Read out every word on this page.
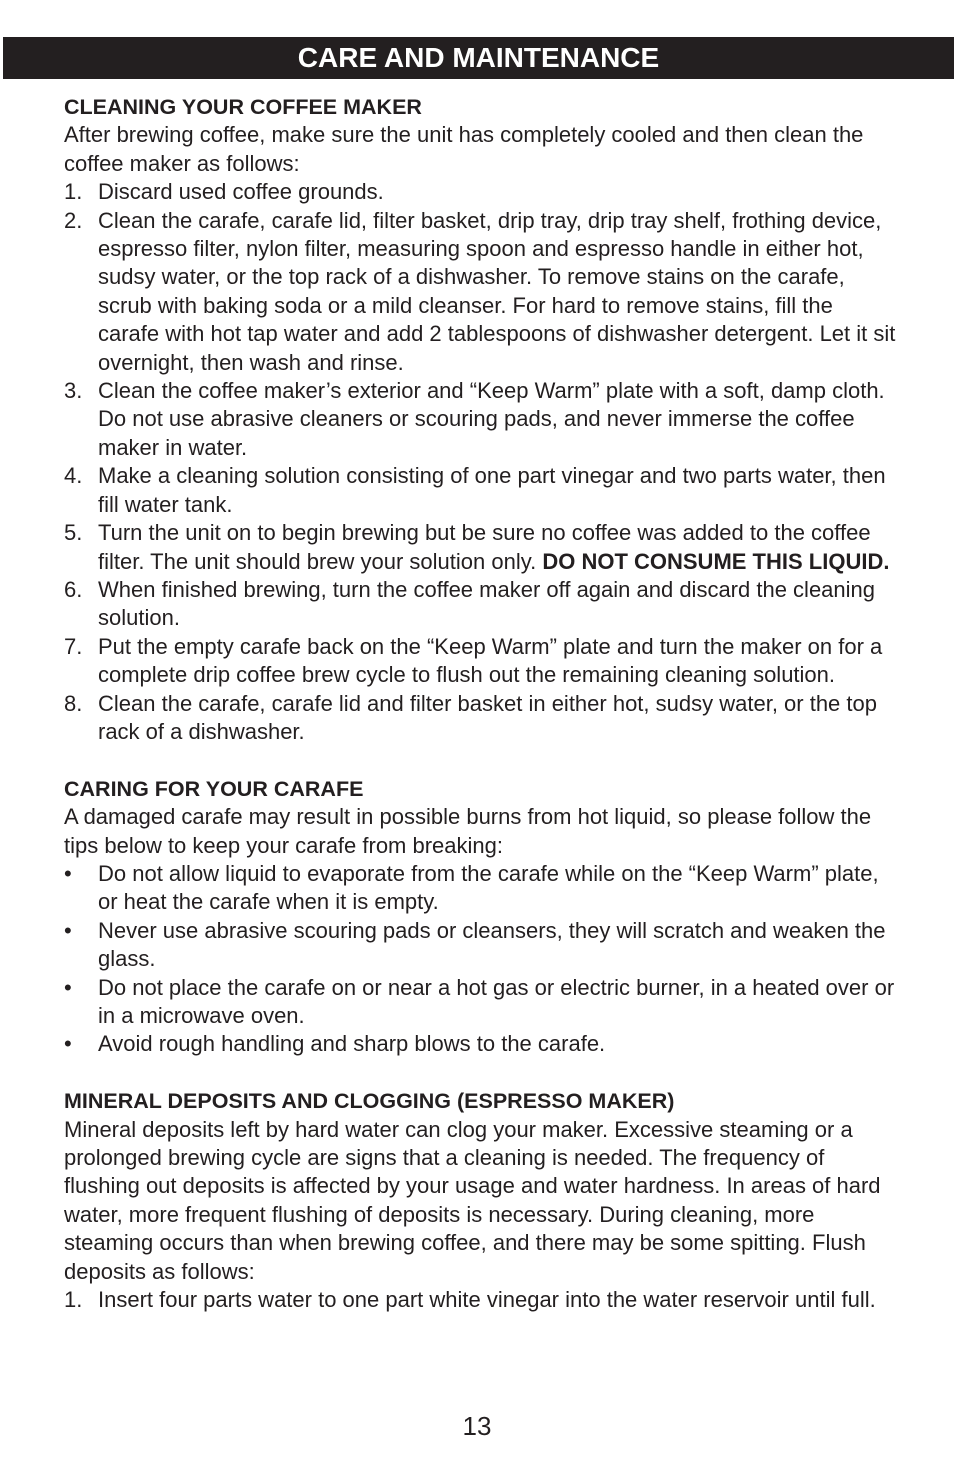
CARE AND MAINTENANCE
CLEANING YOUR COFFEE MAKER

After brewing coffee, make sure the unit has completely cooled and then clean the coffee maker as follows:

1. Discard used coffee grounds.
2. Clean the carafe, carafe lid, filter basket, drip tray, drip tray shelf, frothing device, espresso filter, nylon filter, measuring spoon and espresso handle in either hot, sudsy water, or the top rack of a dishwasher. To remove stains on the carafe, scrub with baking soda or a mild cleanser. For hard to remove stains, fill the carafe with hot tap water and add 2 tablespoons of dishwasher detergent. Let it sit overnight, then wash and rinse.
3. Clean the coffee maker’s exterior and “Keep Warm” plate with a soft, damp cloth. Do not use abrasive cleaners or scouring pads, and never immerse the coffee maker in water.
4. Make a cleaning solution consisting of one part vinegar and two parts water, then fill water tank.
5. Turn the unit on to begin brewing but be sure no coffee was added to the coffee filter. The unit should brew your solution only. DO NOT CONSUME THIS LIQUID.
6. When finished brewing, turn the coffee maker off again and discard the cleaning solution.
7. Put the empty carafe back on the “Keep Warm” plate and turn the maker on for a complete drip coffee brew cycle to flush out the remaining cleaning solution.
8. Clean the carafe, carafe lid and filter basket in either hot, sudsy water, or the top rack of a dishwasher.
CARING FOR YOUR CARAFE

A damaged carafe may result in possible burns from hot liquid, so please follow the tips below to keep your carafe from breaking:

•	Do not allow liquid to evaporate from the carafe while on the “Keep Warm” plate, or heat the carafe when it is empty.
•	Never use abrasive scouring pads or cleansers, they will scratch and weaken the glass.
•	Do not place the carafe on or near a hot gas or electric burner, in a heated over or in a microwave oven.
•	Avoid rough handling and sharp blows to the carafe.
MINERAL DEPOSITS AND CLOGGING (ESPRESSO MAKER)

Mineral deposits left by hard water can clog your maker. Excessive steaming or a prolonged brewing cycle are signs that a cleaning is needed. The frequency of flushing out deposits is affected by your usage and water hardness. In areas of hard water, more frequent flushing of deposits is necessary. During cleaning, more steaming occurs than when brewing coffee, and there may be some spitting. Flush deposits as follows:

1. Insert four parts water to one part white vinegar into the water reservoir until full.
13
